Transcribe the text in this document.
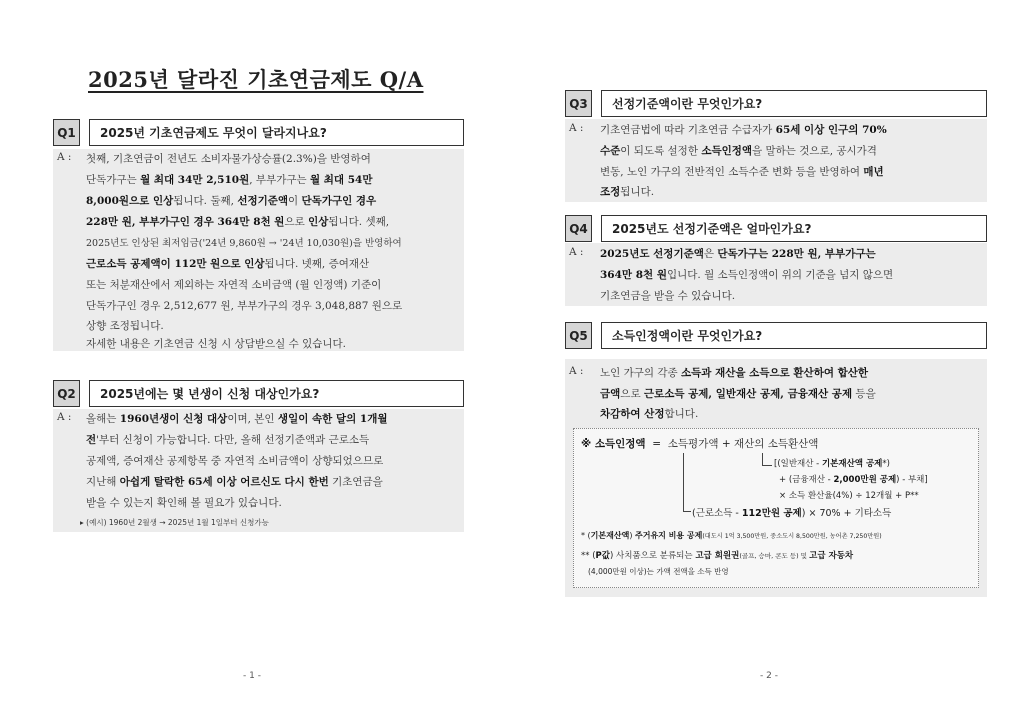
2025년 달라진 기초연금제도 Q/A
Q1	2025년 기초연금제도 무엇이 달라지나요?
A : 첫째, 기초연금이 전년도 소비자물가상승률(2.3%)을 반영하여
단독가구는 월 최대 34만 2,510원, 부부가구는 월 최대 54만
8,000원으로 인상됩니다. 둘째, 선정기준액이 단독가구인 경우
228만 원, 부부가구인 경우 364만 8천 원으로 인상됩니다. 셋째,
2025년도 인상된 최저임금('24년 9,860원 → '24년 10,030원)을 반영하여
근로소득 공제액이 112만 원으로 인상됩니다. 넷째, 증여재산
또는 처분재산에서 제외하는 자연적 소비금액 (월 인정액) 기준이
단독가구인 경우 2,512,677 원, 부부가구의 경우 3,048,887 원으로
상향 조정됩니다.
자세한 내용은 기초연금 신청 시 상담받으실 수 있습니다.
Q2	2025년에는 몇 년생이 신청 대상인가요?
A : 올해는 1960년생이 신청 대상이며, 본인 생일이 속한 달의 1개월
전'부터 신청이 가능합니다. 다만, 올해 선정기준액과 근로소득
공제액, 증여재산 공제항목 중 자연적 소비금액이 상향되었으므로
지난해 아쉽게 탈락한 65세 이상 어르신도 다시 한번 기초연금을
받을 수 있는지 확인해 볼 필요가 있습니다.
▸ (예시) 1960년 2월생 → 2025년 1월 1일부터 신청가능
- 1 -
Q3	선정기준액이란 무엇인가요?
A : 기초연금법에 따라 기초연금 수급자가 65세 이상 인구의 70%
수준이 되도록 설정한 소득인정액을 말하는 것으로, 공시가격
변동, 노인 가구의 전반적인 소득수준 변화 등을 반영하여 매년
조정됩니다.
Q4	2025년도 선정기준액은 얼마인가요?
A : 2025년도 선정기준액은 단독가구는 228만 원, 부부가구는
364만 8천 원입니다. 월 소득인정액이 위의 기준을 넘지 않으면
기초연금을 받을 수 있습니다.
Q5	소득인정액이란 무엇인가요?
A : 노인 가구의 각종 소득과 재산을 소득으로 환산하여 합산한
금액으로 근로소득 공제, 일반재산 공제, 금융재산 공제 등을
차감하여 산정합니다.
※ 소득인정액 = 소득평가액 + 재산의 소득환산액
[(일반재산 - 기본재산액 공제*)
+ (금융재산 - 2,000만원 공제) - 부채]
× 소득 환산율(4%) ÷ 12개월 + P**
(근로소득 - 112만원 공제) × 70% + 기타소득
* (기본재산액) 주거유지 비용 공제(대도시 1억 3,500만원, 중소도시 8,500만원, 농어촌 7,250만원)
** (P값) 사치품으로 분류되는 고급 회원권(골프, 승마, 콘도 등) 및 고급 자동차
(4,000만원 이상)는 가액 전액을 소득 반영
- 2 -
